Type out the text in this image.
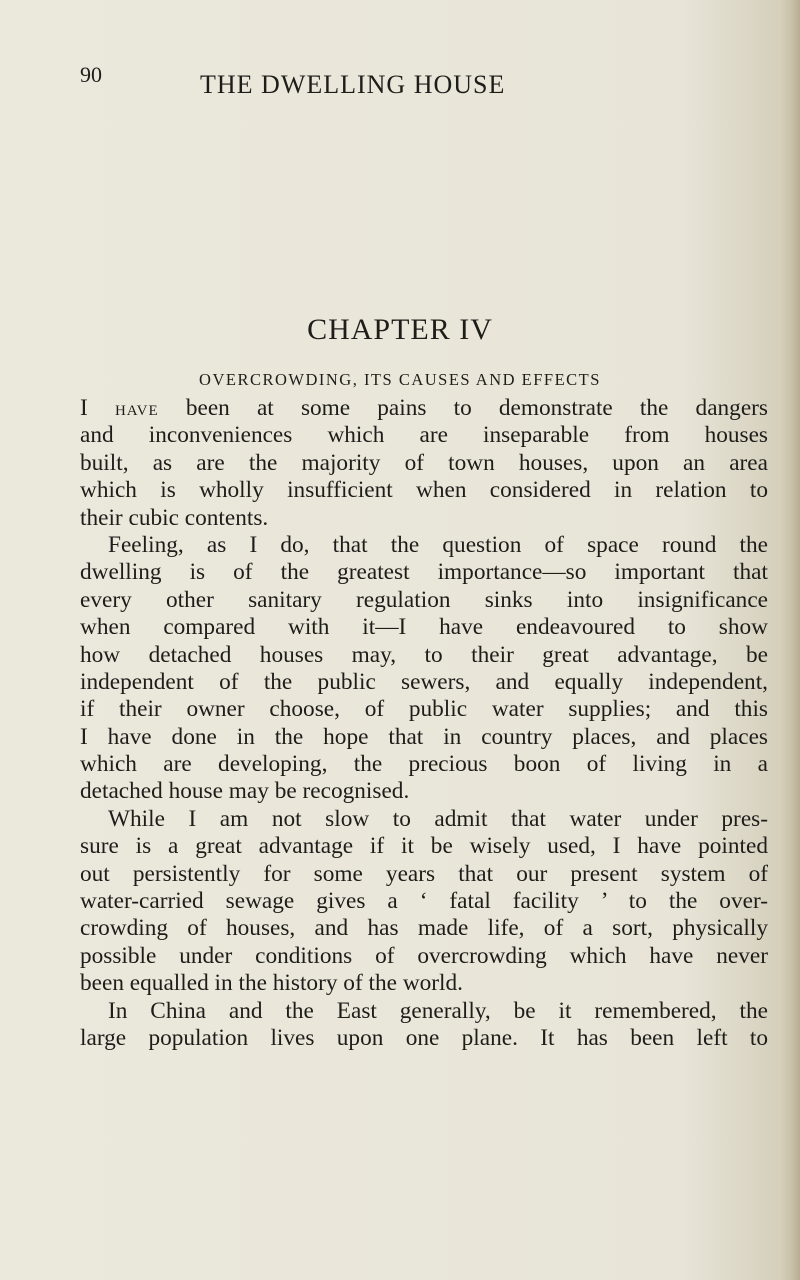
90	THE DWELLING HOUSE
CHAPTER IV
OVERCROWDING, ITS CAUSES AND EFFECTS
I HAVE been at some pains to demonstrate the dangers
and inconveniences which are inseparable from houses
built, as are the majority of town houses, upon an area
which is wholly insufficient when considered in relation to
their cubic contents.
Feeling, as I do, that the question of space round the
dwelling is of the greatest importance—so important that
every other sanitary regulation sinks into insignificance
when compared with it—I have endeavoured to show
how detached houses may, to their great advantage, be
independent of the public sewers, and equally independent,
if their owner choose, of public water supplies; and this
I have done in the hope that in country places, and places
which are developing, the precious boon of living in a
detached house may be recognised.
While I am not slow to admit that water under pres-
sure is a great advantage if it be wisely used, I have pointed
out persistently for some years that our present system of
water-carried sewage gives a ‘ fatal facility ’ to the over-
crowding of houses, and has made life, of a sort, physically
possible under conditions of overcrowding which have never
been equalled in the history of the world.
In China and the East generally, be it remembered, the
large population lives upon one plane. It has been left to
